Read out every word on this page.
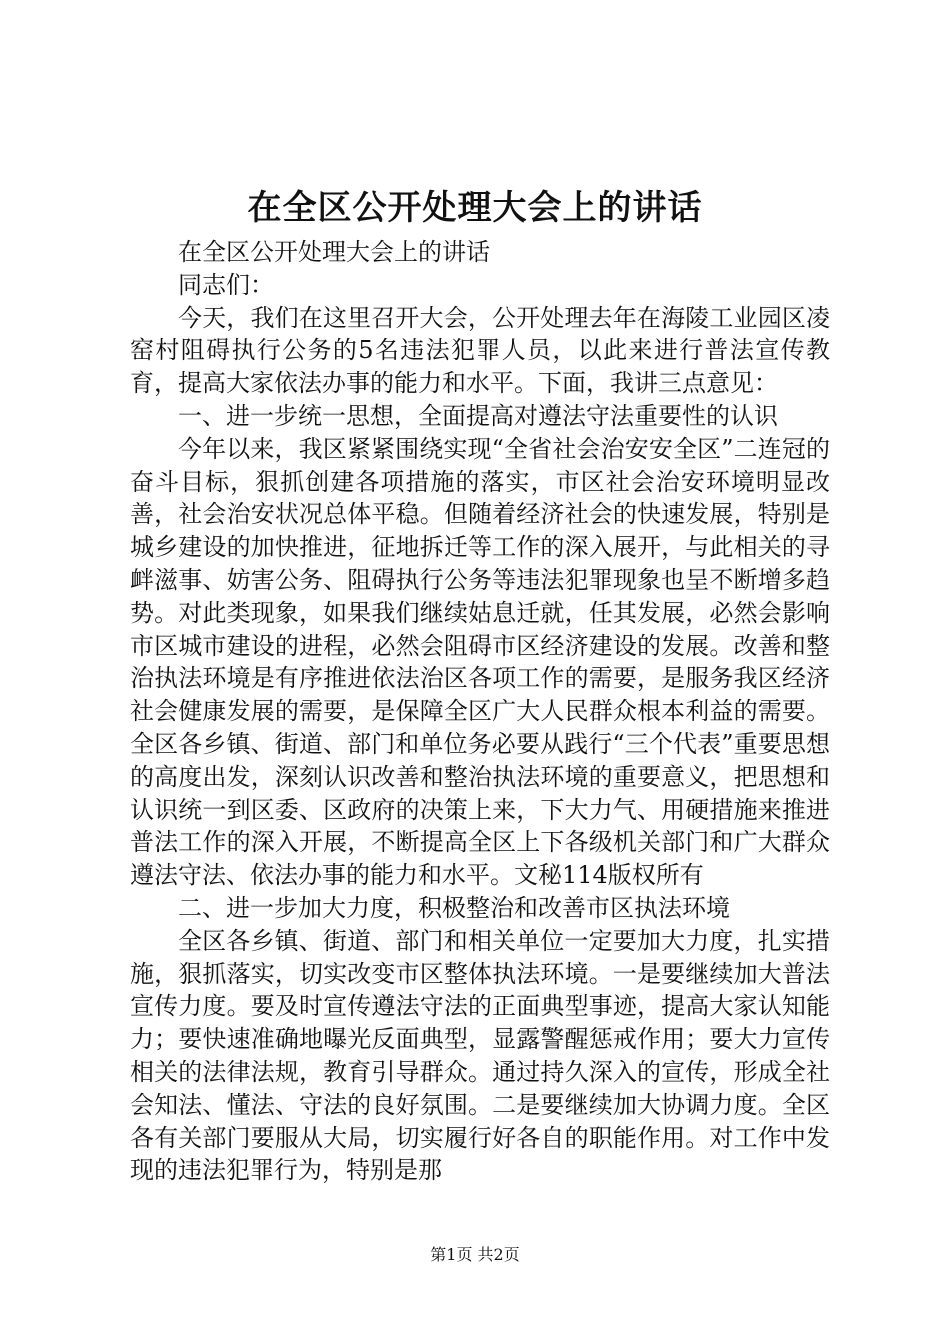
在全区公开处理大会上的讲话

在全区公开处理大会上的讲话

同志们：

今天，我们在这里召开大会，公开处理去年在海陵工业园区凌窑村阻碍执行公务的5名违法犯罪人员，以此来进行普法宣传教育，提高大家依法办事的能力和水平。下面，我讲三点意见：

一、进一步统一思想，全面提高对遵法守法重要性的认识

今年以来，我区紧紧围绕实现“全省社会治安安全区”二连冠的奋斗目标，狠抓创建各项措施的落实，市区社会治安环境明显改善，社会治安状况总体平稳。但随着经济社会的快速发展，特别是城乡建设的加快推进，征地拆迁等工作的深入展开，与此相关的寻衅滋事、妨害公务、阻碍执行公务等违法犯罪现象也呈不断增多趋势。对此类现象，如果我们继续姑息迁就，任其发展，必然会影响市区城市建设的进程，必然会阻碍市区经济建设的发展。改善和整治执法环境是有序推进依法治区各项工作的需要，是服务我区经济社会健康发展的需要，是保障全区广大人民群众根本利益的需要。全区各乡镇、街道、部门和单位务必要从践行“三个代表”重要思想的高度出发，深刻认识改善和整治执法环境的重要意义，把思想和认识统一到区委、区政府的决策上来，下大力气、用硬措施来推进普法工作的深入开展，不断提高全区上下各级机关部门和广大群众遵法守法、依法办事的能力和水平。文秘114版权所有

二、进一步加大力度，积极整治和改善市区执法环境

全区各乡镇、街道、部门和相关单位一定要加大力度，扎实措施，狠抓落实，切实改变市区整体执法环境。一是要继续加大普法宣传力度。要及时宣传遵法守法的正面典型事迹，提高大家认知能力；要快速准确地曝光反面典型，显露警醒惩戒作用；要大力宣传相关的法律法规，教育引导群众。通过持久深入的宣传，形成全社会知法、懂法、守法的良好氛围。二是要继续加大协调力度。全区各有关部门要服从大局，切实履行好各自的职能作用。对工作中发现的违法犯罪行为，特别是那

第1页 共2页
